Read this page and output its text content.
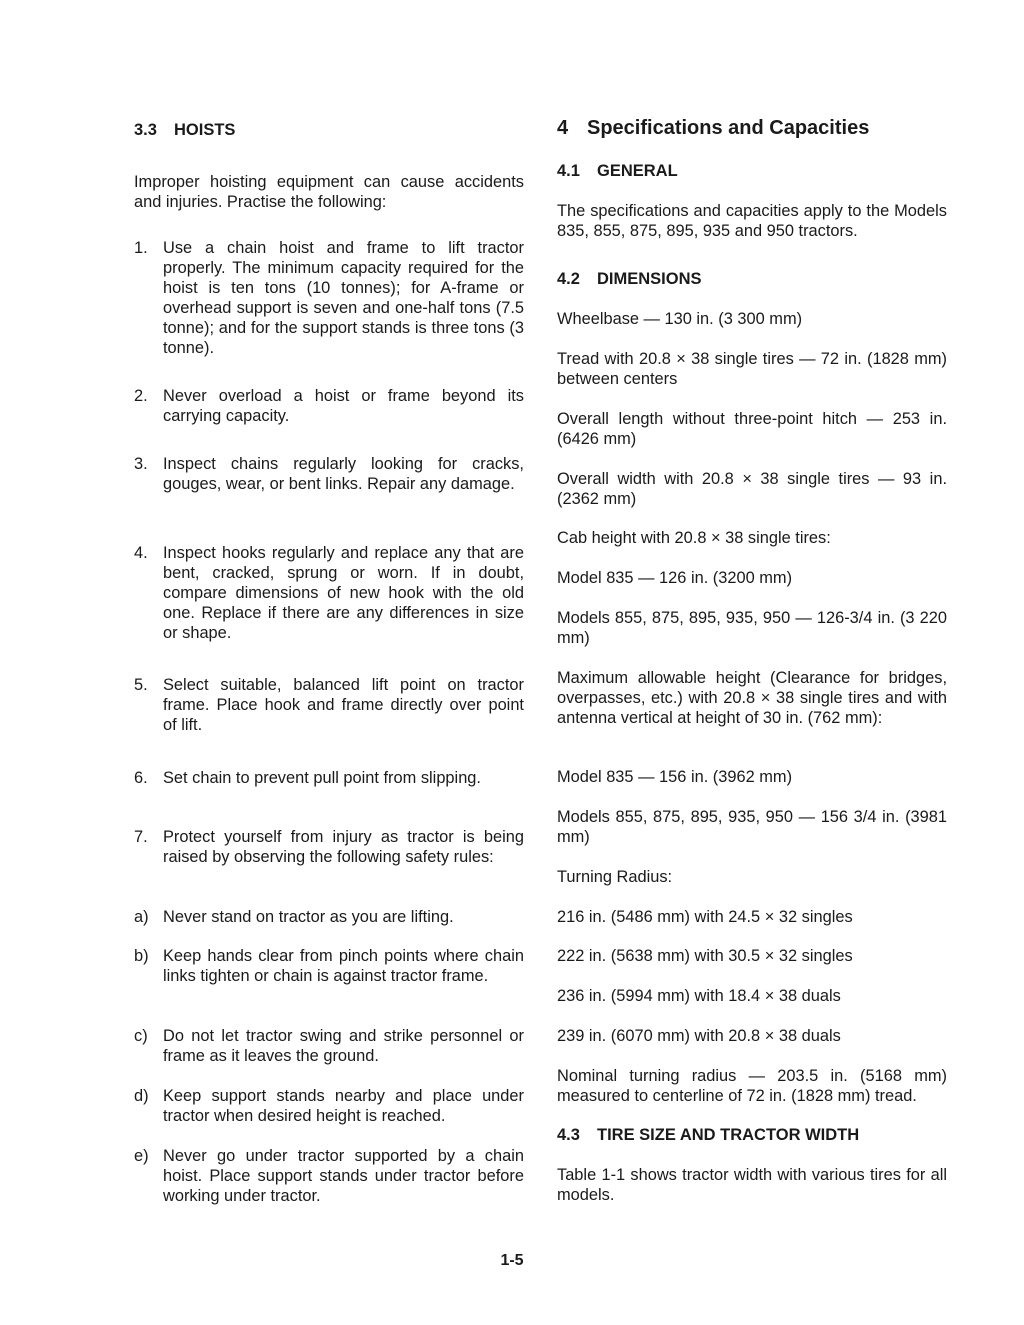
3.3 HOISTS

Improper hoisting equipment can cause accidents and injuries. Practise the following:

1. Use a chain hoist and frame to lift tractor properly. The minimum capacity required for the hoist is ten tons (10 tonnes); for A-frame or overhead support is seven and one-half tons (7.5 tonne); and for the support stands is three tons (3 tonne).
2. Never overload a hoist or frame beyond its carrying capacity.
3. Inspect chains regularly looking for cracks, gouges, wear, or bent links. Repair any damage.
4. Inspect hooks regularly and replace any that are bent, cracked, sprung or worn. If in doubt, compare dimensions of new hook with the old one. Replace if there are any differences in size or shape.
5. Select suitable, balanced lift point on tractor frame. Place hook and frame directly over point of lift.
6. Set chain to prevent pull point from slipping.
7. Protect yourself from injury as tractor is being raised by observing the following safety rules:
a) Never stand on tractor as you are lifting.
b) Keep hands clear from pinch points where chain links tighten or chain is against tractor frame.
c) Do not let tractor swing and strike personnel or frame as it leaves the ground.
d) Keep support stands nearby and place under tractor when desired height is reached.
e) Never go under tractor supported by a chain hoist. Place support stands under tractor before working under tractor.
4 Specifications and Capacities
4.1 GENERAL

The specifications and capacities apply to the Models 835, 855, 875, 895, 935 and 950 tractors.

4.2 DIMENSIONS

Wheelbase — 130 in. (3 300 mm)

Tread with 20.8 × 38 single tires — 72 in. (1828 mm) between centers

Overall length without three-point hitch — 253 in. (6426 mm)

Overall width with 20.8 × 38 single tires — 93 in. (2362 mm)

Cab height with 20.8 × 38 single tires:

Model 835 — 126 in. (3200 mm)

Models 855, 875, 895, 935, 950 — 126-3/4 in. (3 220 mm)

Maximum allowable height (Clearance for bridges, overpasses, etc.) with 20.8 × 38 single tires and with antenna vertical at height of 30 in. (762 mm):

Model 835 — 156 in. (3962 mm)

Models 855, 875, 895, 935, 950 — 156 3/4 in. (3981 mm)

Turning Radius:

216 in. (5486 mm) with 24.5 × 32 singles

222 in. (5638 mm) with 30.5 × 32 singles

236 in. (5994 mm) with 18.4 × 38 duals

239 in. (6070 mm) with 20.8 × 38 duals

Nominal turning radius — 203.5 in. (5168 mm) measured to centerline of 72 in. (1828 mm) tread.

4.3 TIRE SIZE AND TRACTOR WIDTH

Table 1-1 shows tractor width with various tires for all models.

1-5
